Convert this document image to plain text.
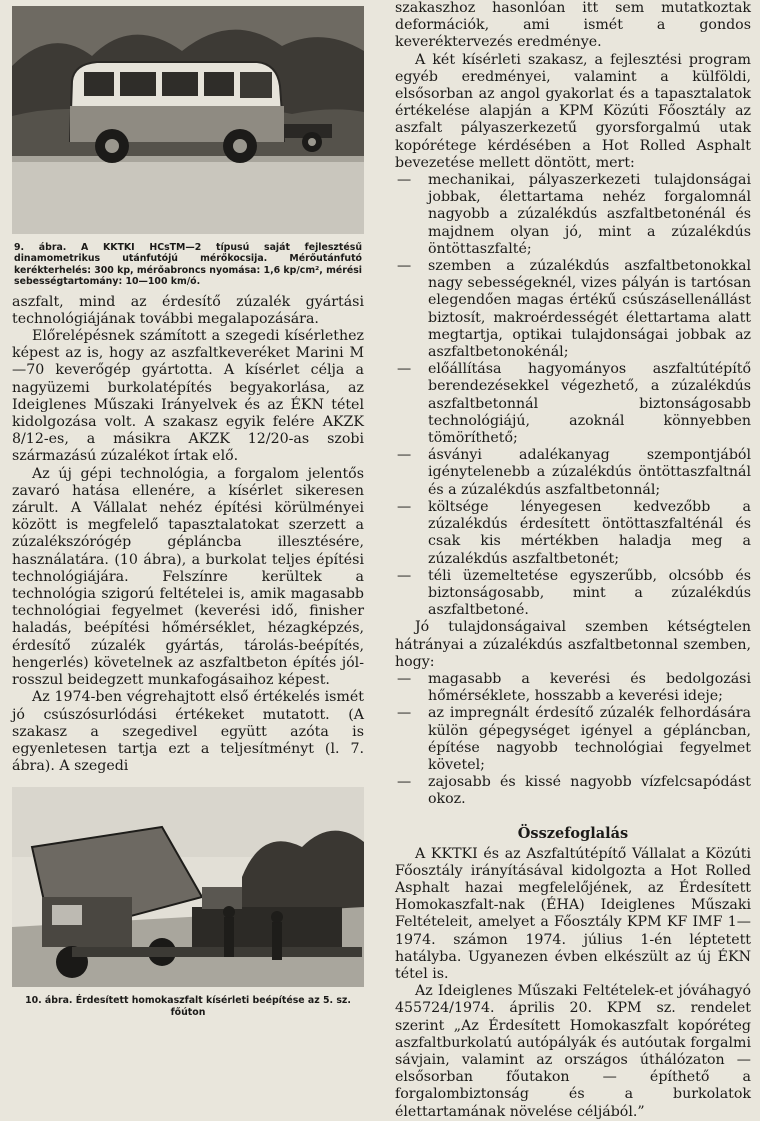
9. ábra. A KKTKI HCsTM—2 típusú saját fejlesztésű dinamometrikus utánfutójú mérőkocsija. Mérőutánfutó kerékterhelés: 300 kp, mérőabroncs nyomása: 1,6 kp/cm², mérési sebességtartomány: 10—100 km/ó.

aszfalt, mind az érdesítő zúzalék gyártási technológiájának további megalapozására.

Előrelépésnek számított a szegedi kísérlethez képest az is, hogy az aszfaltkeveréket Marini M—70 keverőgép gyártotta. A kísérlet célja a nagyüzemi burkolatépítés begyakorlása, az Ideiglenes Műszaki Irányelvek és az ÉKN tétel kidolgozása volt. A szakasz egyik felére AKZK 8/12-es, a másikra AKZK 12/20-as szobi származású zúzalékot írtak elő.

Az új gépi technológia, a forgalom jelentős zavaró hatása ellenére, a kísérlet sikeresen zárult. A Vállalat nehéz építési körülményei között is megfelelő tapasztalatokat szerzett a zúzalékszórógép gépláncba illesztésére, használatára. (10 ábra), a burkolat teljes építési technológiájára. Felszínre kerültek a technológia szigorú feltételei is, amik magasabb technológiai fegyelmet (keverési idő, finisher haladás, beépítési hőmérséklet, hézagképzés, érdesítő zúzalék gyártás, tárolás-beépítés, hengerlés) követelnek az aszfaltbeton építés jól-rosszul beidegzett munkafogásaihoz képest.

Az 1974-ben végrehajtott első értékelés ismét jó csúszósurlódási értékeket mutatott. (A szakasz a szegedivel együtt azóta is egyenletesen tartja ezt a teljesítményt (l. 7. ábra). A szegedi

10. ábra. Érdesített homokaszfalt kísérleti beépítése az 5. sz. főúton

szakaszhoz hasonlóan itt sem mutatkoztak deformációk, ami ismét a gondos keveréktervezés eredménye.

A két kísérleti szakasz, a fejlesztési program egyéb eredményei, valamint a külföldi, elsősorban az angol gyakorlat és a tapasztalatok értékelése alapján a KPM Közúti Főosztály az aszfalt pályaszerkezetű gyorsforgalmú utak kopórétege kérdésében a Hot Rolled Asphalt bevezetése mellett döntött, mert:

— mechanikai, pályaszerkezeti tulajdonságai jobbak, élettartama nehéz forgalomnál nagyobb a zúzalékdús aszfaltbetonénál és majdnem olyan jó, mint a zúzalékdús öntöttaszfalté;
— szemben a zúzalékdús aszfaltbetonokkal nagy sebességeknél, vizes pályán is tartósan elegendően magas értékű csúszásellenállást biztosít, makroérdességét élettartama alatt megtartja, optikai tulajdonságai jobbak az aszfaltbetonokénál;
— előállítása hagyományos aszfaltútépítő berendezésekkel végezhető, a zúzalékdús aszfaltbetonnál biztonságosabb technológiájú, azoknál könnyebben tömöríthető;
— ásványi adalékanyag szempontjából igénytelenebb a zúzalékdús öntöttaszfaltnál és a zúzalékdús aszfaltbetonnál;
— költsége lényegesen kedvezőbb a zúzalékdús érdesített öntöttaszfalténál és csak kis mértékben haladja meg a zúzalékdús aszfaltbetonét;
— téli üzemeltetése egyszerűbb, olcsóbb és biztonságosabb, mint a zúzalékdús aszfaltbetoné.

Jó tulajdonságaival szemben kétségtelen hátrányai a zúzalékdús aszfaltbetonnal szemben, hogy:

— magasabb a keverési és bedolgozási hőmérséklete, hosszabb a keverési ideje;
— az impregnált érdesítő zúzalék felhordására külön gépegységet igényel a gépláncban, építése nagyobb technológiai fegyelmet követel;
— zajosabb és kissé nagyobb vízfelcsapódást okoz.
Összefoglalás

A KKTKI és az Aszfaltútépítő Vállalat a Közúti Főosztály irányításával kidolgozta a Hot Rolled Asphalt hazai megfelelőjének, az Érdesített Homokaszfalt-nak (ÉHA) Ideiglenes Műszaki Feltételeit, amelyet a Főosztály KPM KF IMF 1—1974. számon 1974. július 1-én léptetett hatályba. Ugyanezen évben elkészült az új ÉKN tétel is.

Az Ideiglenes Műszaki Feltételek-et jóváhagyó 455724/1974. április 20. KPM sz. rendelet szerint „Az Érdesített Homokaszfalt kopóréteg aszfaltburkolatú autópályák és autóutak forgalmi sávjain, valamint az országos úthálózaton — elsősorban főutakon — építhető a forgalombiztonság és a burkolatok élettartamának növelése céljából.”
